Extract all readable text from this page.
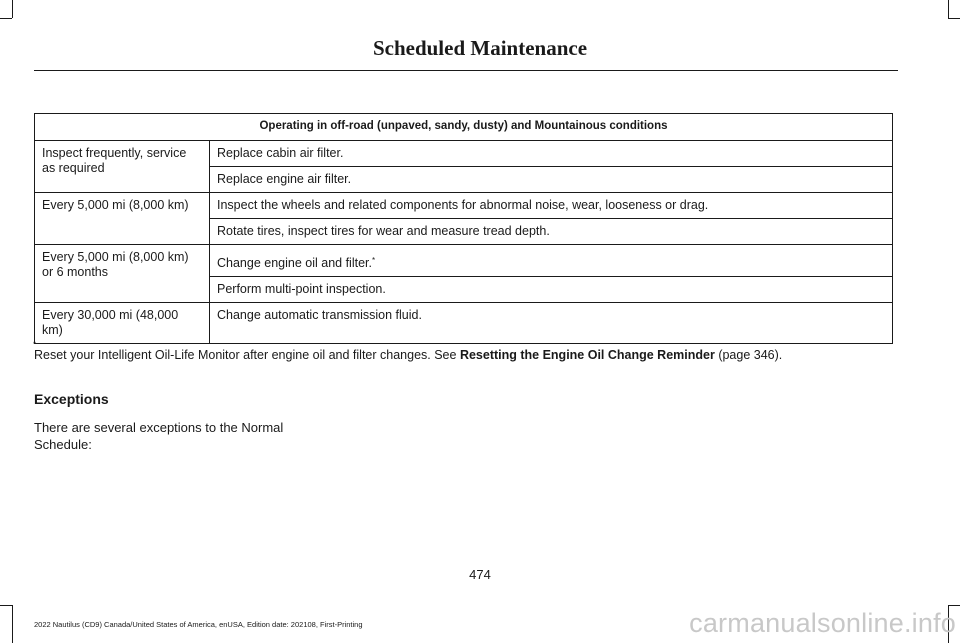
Scheduled Maintenance
Operating in off-road (unpaved, sandy, dusty) and Mountainous conditions	
Inspect frequently, service as required	Replace cabin air filter.
	Replace engine air filter.
Every 5,000 mi (8,000 km)	Inspect the wheels and related components for abnormal noise, wear, looseness or drag.
	Rotate tires, inspect tires for wear and measure tread depth.
Every 5,000 mi (8,000 km) or 6 months	Change engine oil and filter.*
	Perform multi-point inspection.
Every 30,000 mi (48,000 km)	Change automatic transmission fluid.
*
Reset your Intelligent Oil-Life Monitor after engine oil and filter changes. See Resetting the Engine Oil Change Reminder (page 346).
Exceptions
There are several exceptions to the Normal Schedule:
474
2022 Nautilus (CD9) Canada/United States of America, enUSA, Edition date: 202108, First-Printing	carmanualsonline.info
